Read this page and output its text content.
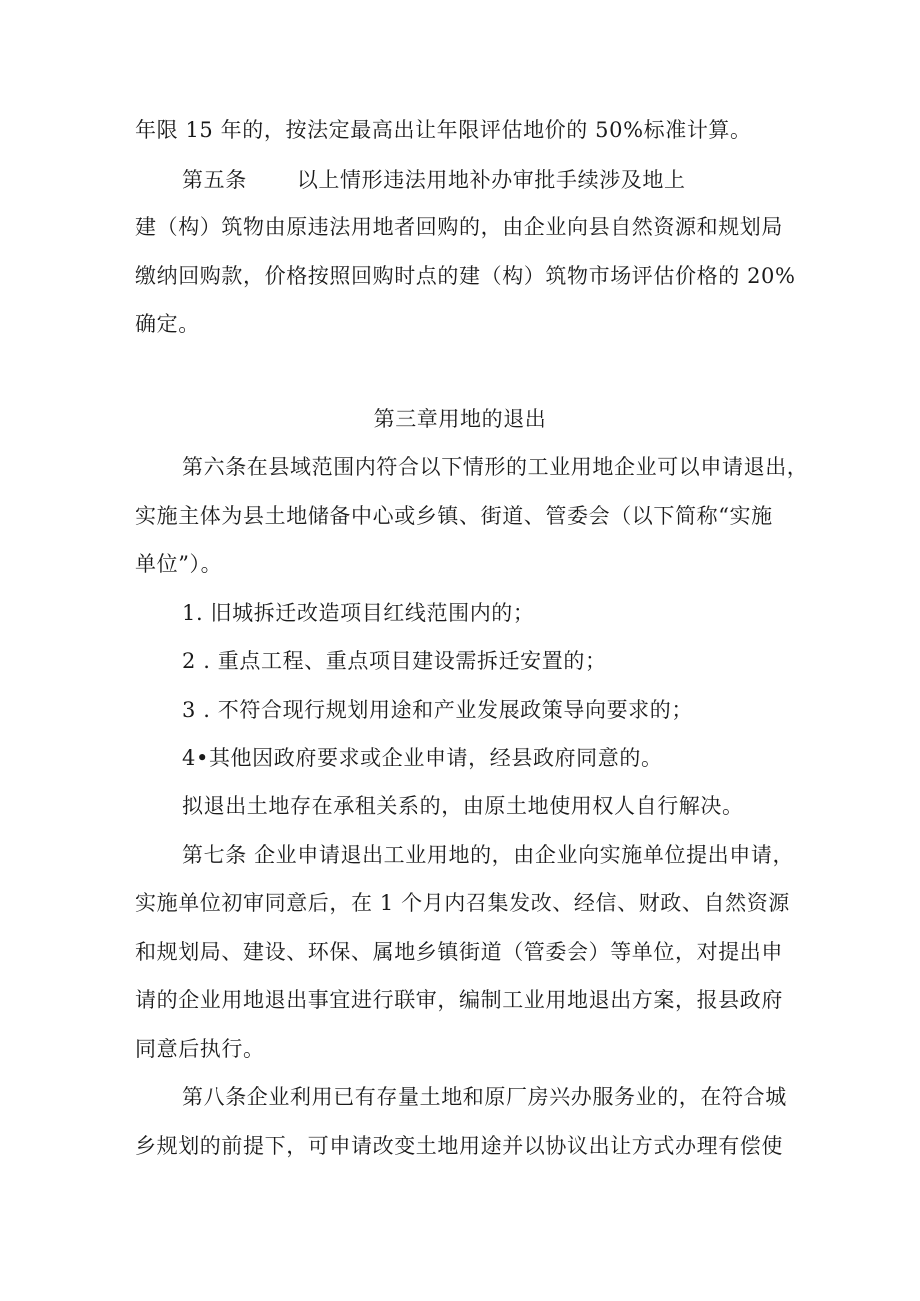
年限 15 年的，按法定最高出让年限评估地价的 50%标准计算。
第五条 以上情形违法用地补办审批手续涉及地上
建（构）筑物由原违法用地者回购的，由企业向县自然资源和规划局
缴纳回购款，价格按照回购时点的建（构）筑物市场评估价格的 20%
确定。
第三章用地的退出
第六条在县域范围内符合以下情形的工业用地企业可以申请退出，
实施主体为县土地储备中心或乡镇、街道、管委会（以下简称“实施
单位”）。
1. 旧城拆迁改造项目红线范围内的；
2 . 重点工程、重点项目建设需拆迁安置的；
3 . 不符合现行规划用途和产业发展政策导向要求的；
4•其他因政府要求或企业申请，经县政府同意的。
拟退出土地存在承租关系的，由原土地使用权人自行解决。
第七条 企业申请退出工业用地的，由企业向实施单位提出申请，
实施单位初审同意后，在 1 个月内召集发改、经信、财政、自然资源
和规划局、建设、环保、属地乡镇街道（管委会）等单位，对提出申
请的企业用地退出事宜进行联审，编制工业用地退出方案，报县政府
同意后执行。
第八条企业利用已有存量土地和原厂房兴办服务业的，在符合城
乡规划的前提下，可申请改变土地用途并以协议出让方式办理有偿使
